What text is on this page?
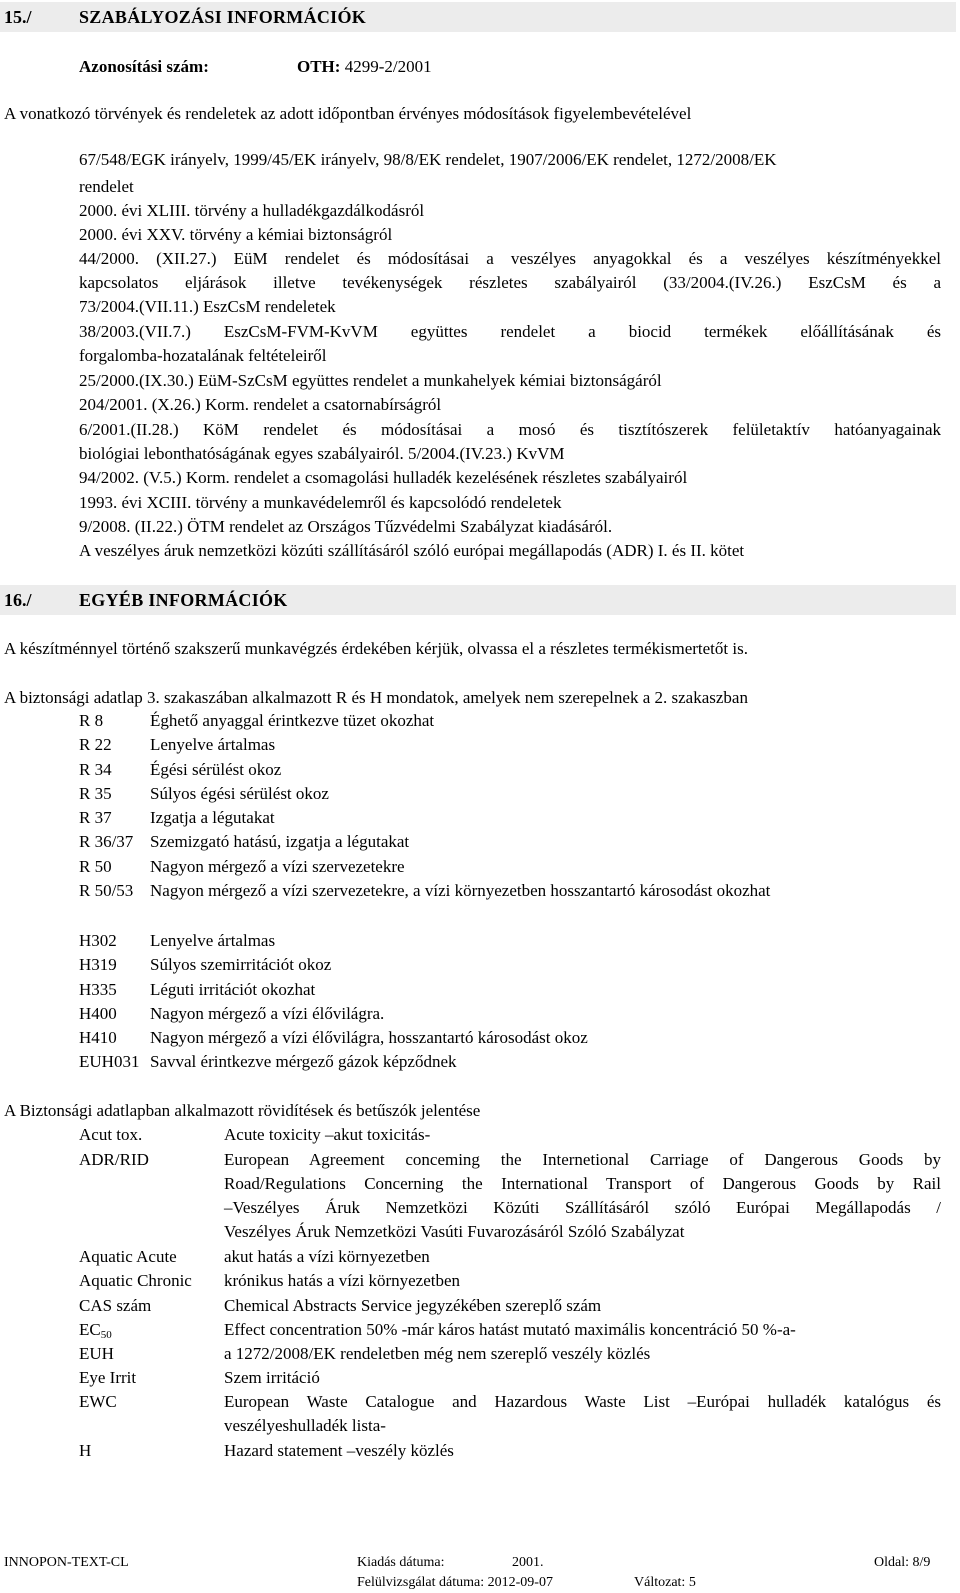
15./	SZABÁLYOZÁSI INFORMÁCIÓK
Azonosítási szám:	OTH: 4299-2/2001
A vonatkozó törvények és rendeletek az adott időpontban érvényes módosítások figyelembevételével
67/548/EGK irányelv, 1999/45/EK irányelv, 98/8/EK rendelet, 1907/2006/EK rendelet, 1272/2008/EK
rendelet
2000. évi XLIII. törvény a hulladékgazdálkodásról
2000. évi XXV. törvény a kémiai biztonságról
44/2000. (XII.27.) EüM rendelet és módosításai a veszélyes anyagokkal és a veszélyes készítményekkel
kapcsolatos eljárások illetve tevékenységek részletes szabályairól (33/2004.(IV.26.) EszCsM és a
73/2004.(VII.11.) EszCsM rendeletek
38/2003.(VII.7.) EszCsM-FVM-KvVM együttes rendelet a biocid termékek előállításának és
forgalomba-hozatalának feltételeiről
25/2000.(IX.30.) EüM-SzCsM együttes rendelet a munkahelyek kémiai biztonságáról
204/2001. (X.26.) Korm. rendelet a csatornabírságról
6/2001.(II.28.) KöM rendelet és módosításai a mosó és tisztítószerek felületaktív hatóanyagainak
biológiai lebonthatóságának egyes szabályairól. 5/2004.(IV.23.) KvVM
94/2002. (V.5.) Korm. rendelet a csomagolási hulladék kezelésének részletes szabályairól
1993. évi XCIII. törvény a munkavédelemről és kapcsolódó rendeletek
9/2008. (II.22.) ÖTM rendelet az Országos Tűzvédelmi Szabályzat kiadásáról.
A veszélyes áruk nemzetközi közúti szállításáról szóló európai megállapodás (ADR) I. és II. kötet
16./	EGYÉB INFORMÁCIÓK
A készítménnyel történő szakszerű munkavégzés érdekében kérjük, olvassa el a részletes termékismertetőt is.
A biztonsági adatlap 3. szakaszában alkalmazott R és H mondatok, amelyek nem szerepelnek a 2. szakaszban
R 8	Éghető anyaggal érintkezve tüzet okozhat
R 22 Lenyelve ártalmas
R 34 Égési sérülést okoz
R 35 Súlyos égési sérülést okoz
R 37 Izgatja a légutakat
R 36/37 Szemizgató hatású, izgatja a légutakat
R 50 Nagyon mérgező a vízi szervezetekre
R 50/53 Nagyon mérgező a vízi szervezetekre, a vízi környezetben hosszantartó károsodást okozhat
H302 Lenyelve ártalmas
H319 Súlyos szemirritációt okoz
H335 Léguti irritációt okozhat
H400 Nagyon mérgező a vízi élővilágra.
H410 Nagyon mérgező a vízi élővilágra, hosszantartó károsodást okoz
EUH031 Savval érintkezve mérgező gázok képződnek
A Biztonsági adatlapban alkalmazott rövidítések és betűszók jelentése
Acut tox.	Acute toxicity –akut toxicitás-
ADR/RID	European Agreement conceming the Internetional Carriage of Dangerous Goods by
Road/Regulations Concerning the International Transport of Dangerous Goods by Rail
–Veszélyes Áruk Nemzetközi Közúti Szállításáról szóló Európai Megállapodás /
Veszélyes Áruk Nemzetközi Vasúti Fuvarozásáról Szóló Szabályzat
Aquatic Acute	akut hatás a vízi környezetben
Aquatic Chronic krónikus hatás a vízi környezetben
CAS szám	Chemical Abstracts Service jegyzékében szereplő szám
$EC_{50}$	Effect concentration 50% -már káros hatást mutató maximális koncentráció 50 %-a-
EUH	a 1272/2008/EK rendeletben még nem szereplő veszély közlés
Eye Irrit	Szem irritáció
EWC	European Waste Catalogue and Hazardous Waste List –Európai hulladék katalógus és
veszélyeshulladék lista-
H	Hazard statement –veszély közlés
INNOPON-TEXT-CL	Kiadás dátuma:	2001.	Oldal: 8/9
Felülvizsgálat dátuma: 2012-09-07	Változat: 5
